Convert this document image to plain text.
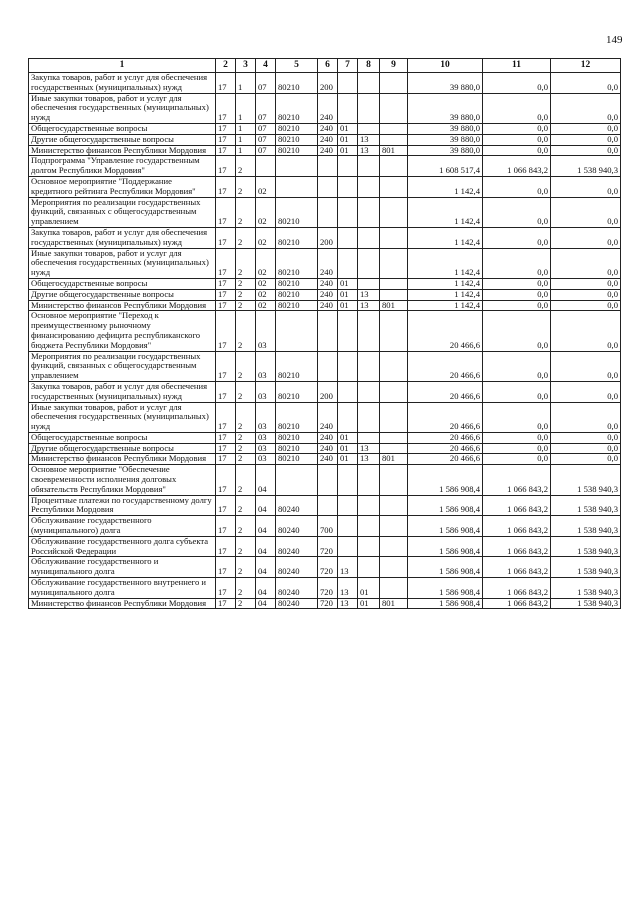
149
1	2	3	4	5	6	7	8	9	10	11	12
Закупка товаров, работ и услуг для обеспечения государственных (муниципальных) нужд	17	1	07	80210	200				39 880,0	0,0	0,0
Иные закупки товаров, работ и услуг для обеспечения государственных (муниципальных) нужд	17	1	07	80210	240				39 880,0	0,0	0,0
Общегосударственные вопросы	17	1	07	80210	240	01			39 880,0	0,0	0,0
Другие общегосударственные вопросы	17	1	07	80210	240	01	13		39 880,0	0,0	0,0
Министерство финансов Республики Мордовия	17	1	07	80210	240	01	13	801	39 880,0	0,0	0,0
Подпрограмма "Управление государственным долгом Республики Мордовия"	17	2							1 608 517,4	1 066 843,2	1 538 940,3
Основное мероприятие "Поддержание кредитного рейтинга Республики Мордовия"	17	2	02						1 142,4	0,0	0,0
Мероприятия по реализации государственных функций, связанных с общегосударственным управлением	17	2	02	80210					1 142,4	0,0	0,0
Закупка товаров, работ и услуг для обеспечения государственных (муниципальных) нужд	17	2	02	80210	200				1 142,4	0,0	0,0
Иные закупки товаров, работ и услуг для обеспечения государственных (муниципальных) нужд	17	2	02	80210	240				1 142,4	0,0	0,0
Общегосударственные вопросы	17	2	02	80210	240	01			1 142,4	0,0	0,0
Другие общегосударственные вопросы	17	2	02	80210	240	01	13		1 142,4	0,0	0,0
Министерство финансов Республики Мордовия	17	2	02	80210	240	01	13	801	1 142,4	0,0	0,0
Основное мероприятие "Переход к преимущественному рыночному финансированию дефицита республиканского бюджета Республики Мордовия"	17	2	03						20 466,6	0,0	0,0
Мероприятия по реализации государственных функций, связанных с общегосударственным управлением	17	2	03	80210					20 466,6	0,0	0,0
Закупка товаров, работ и услуг для обеспечения государственных (муниципальных) нужд	17	2	03	80210	200				20 466,6	0,0	0,0
Иные закупки товаров, работ и услуг для обеспечения государственных (муниципальных) нужд	17	2	03	80210	240				20 466,6	0,0	0,0
Общегосударственные вопросы	17	2	03	80210	240	01			20 466,6	0,0	0,0
Другие общегосударственные вопросы	17	2	03	80210	240	01	13		20 466,6	0,0	0,0
Министерство финансов Республики Мордовия	17	2	03	80210	240	01	13	801	20 466,6	0,0	0,0
Основное мероприятие "Обеспечение своевременности исполнения долговых обязательств Республики Мордовия"	17	2	04						1 586 908,4	1 066 843,2	1 538 940,3
Процентные платежи по государственному долгу Республики Мордовия	17	2	04	80240					1 586 908,4	1 066 843,2	1 538 940,3
Обслуживание государственного (муниципального) долга	17	2	04	80240	700				1 586 908,4	1 066 843,2	1 538 940,3
Обслуживание государственного долга субъекта Российской Федерации	17	2	04	80240	720				1 586 908,4	1 066 843,2	1 538 940,3
Обслуживание государственного и муниципального долга	17	2	04	80240	720	13			1 586 908,4	1 066 843,2	1 538 940,3
Обслуживание государственного внутреннего и муниципального долга	17	2	04	80240	720	13	01		1 586 908,4	1 066 843,2	1 538 940,3
Министерство финансов Республики Мордовия	17	2	04	80240	720	13	01	801	1 586 908,4	1 066 843,2	1 538 940,3
